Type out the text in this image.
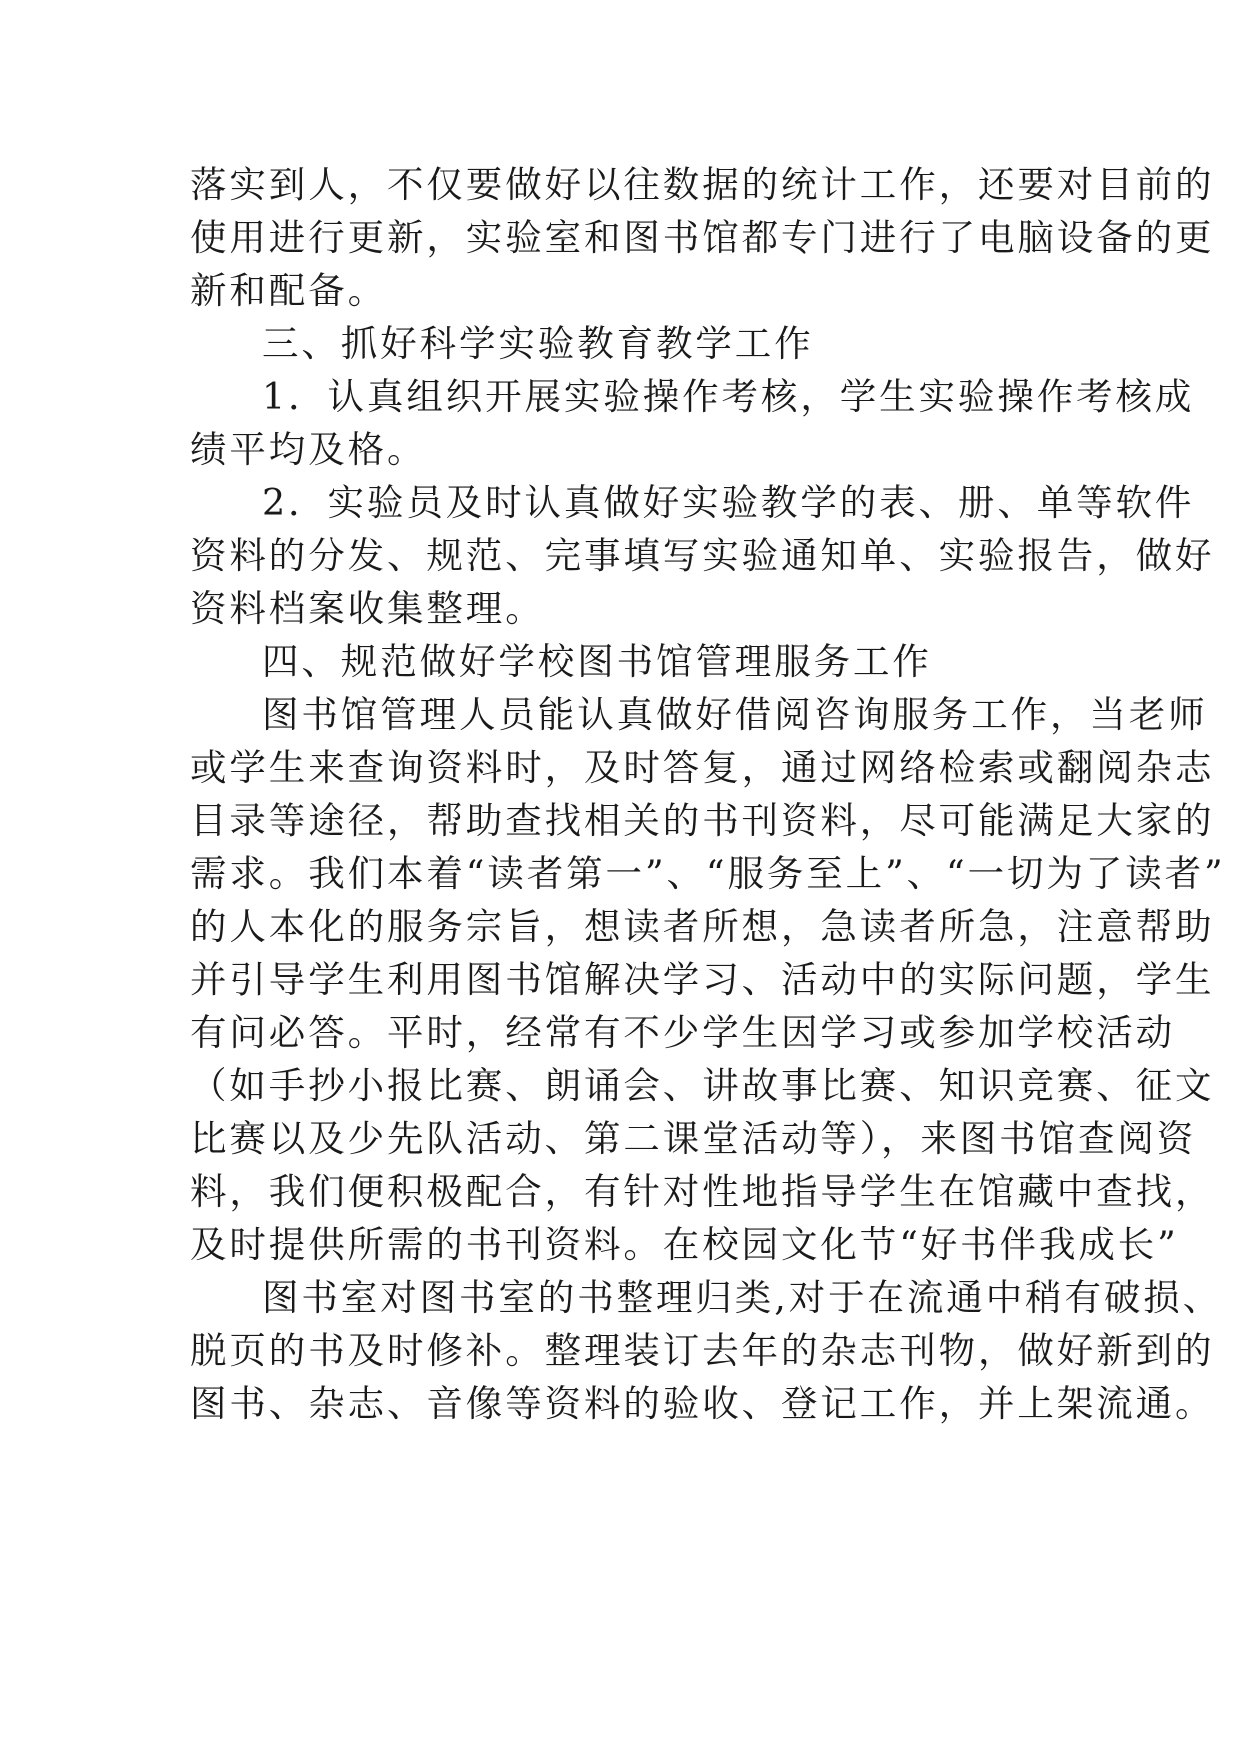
落实到人，不仅要做好以往数据的统计工作，还要对目前的
使用进行更新，实验室和图书馆都专门进行了电脑设备的更
新和配备。
三、抓好科学实验教育教学工作
1．认真组织开展实验操作考核，学生实验操作考核成
绩平均及格。
2．实验员及时认真做好实验教学的表、册、单等软件
资料的分发、规范、完事填写实验通知单、实验报告，做好
资料档案收集整理。
四、规范做好学校图书馆管理服务工作
图书馆管理人员能认真做好借阅咨询服务工作，当老师
或学生来查询资料时，及时答复，通过网络检索或翻阅杂志
目录等途径，帮助查找相关的书刊资料，尽可能满足大家的
需求。我们本着“读者第一”、“服务至上”、“一切为了读者”
的人本化的服务宗旨，想读者所想，急读者所急，注意帮助
并引导学生利用图书馆解决学习、活动中的实际问题，学生
有问必答。平时，经常有不少学生因学习或参加学校活动
（如手抄小报比赛、朗诵会、讲故事比赛、知识竞赛、征文
比赛以及少先队活动、第二课堂活动等），来图书馆查阅资
料，我们便积极配合，有针对性地指导学生在馆藏中查找，
及时提供所需的书刊资料。在校园文化节“好书伴我成长”
图书室对图书室的书整理归类,对于在流通中稍有破损、
脱页的书及时修补。整理装订去年的杂志刊物，做好新到的
图书、杂志、音像等资料的验收、登记工作，并上架流通。
